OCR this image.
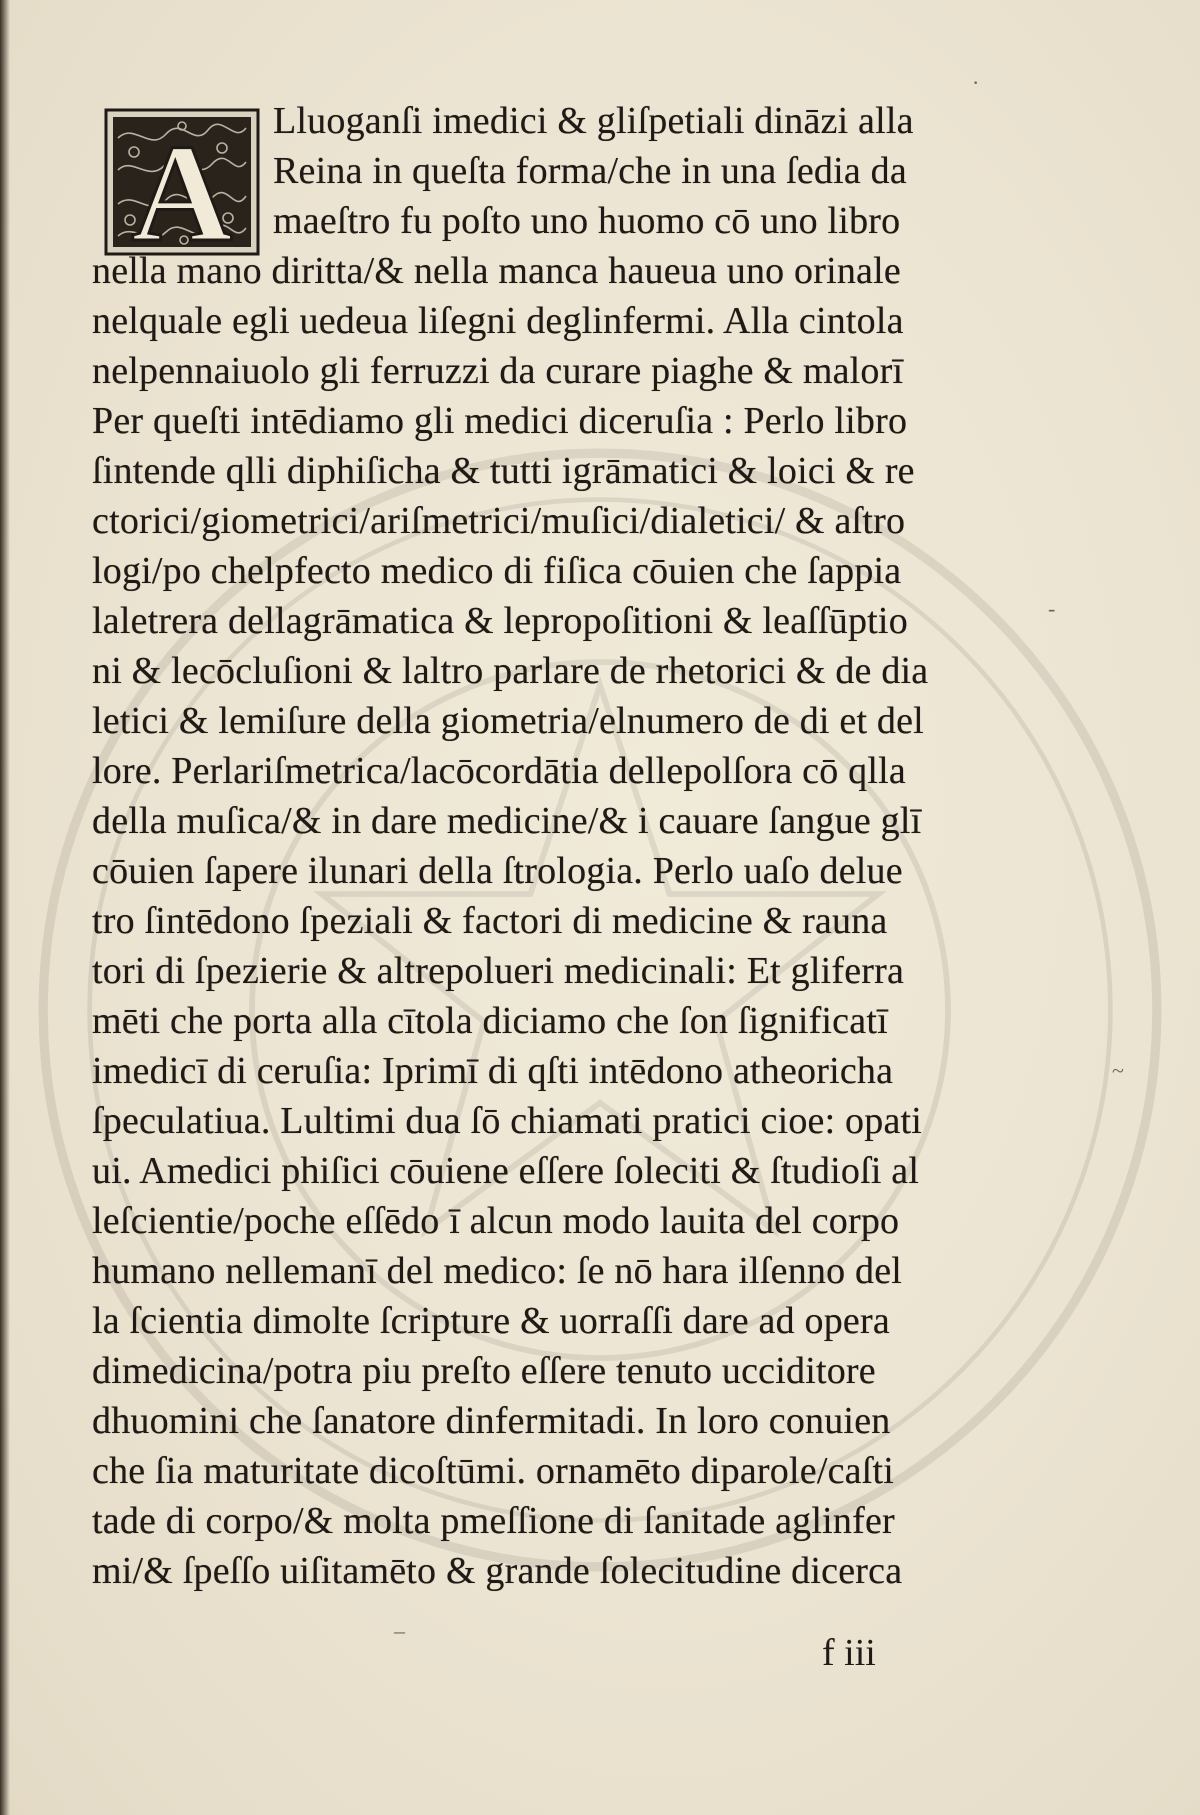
A Lluoganſi imedici & gliſpetiali dināzi alla
Reina in queſta forma/che in una ſedia da
maeſtro fu poſto uno huomo cō uno libro
nella mano diritta/& nella manca haueua uno orinale
nelquale egli uedeua liſegni deglinfermi. Alla cintola
nelpennaiuolo gli ferruzzi da curare piaghe & malorī
Per queſti intēdiamo gli medici diceruſia : Perlo libro
ſintende qlli diphiſicha & tutti igrāmatici & loici & re
ctorici/giometrici/ariſmetrici/muſici/dialetici/ & aſtro
logi/po chelpfecto medico di fiſica cōuien che ſappia
laletrera dellagrāmatica & lepropoſitioni & leaſſūptio
ni & lecōcluſioni & laltro parlare de rhetorici & de dia
letici & lemiſure della giometria/elnumero de di et del
lore. Perlariſmetrica/lacōcordātia dellepolſora cō qlla
della muſica/& in dare medicine/& i cauare ſangue glī
cōuien ſapere ilunari della ſtrologia. Perlo uaſo delue
tro ſintēdono ſpeziali & factori di medicine & rauna
tori di ſpezierie & altrepolueri medicinali: Et gliferra
mēti che porta alla cītola diciamo che ſon ſignificatī
imedicī di ceruſia: Iprimī di qſti intēdono atheoricha
ſpeculatiua. Lultimi dua ſō chiamati pratici cioe: opati
ui. Amedici phiſici cōuiene eſſere ſoleciti & ſtudioſi al
leſcientie/poche eſſēdo ī alcun modo lauita del corpo
humano nellemanī del medico: ſe nō hara ilſenno del
la ſcientia dimolte ſcripture & uorraſſi dare ad opera
dimedicina/potra piu preſto eſſere tenuto ucciditore
dhuomini che ſanatore dinfermitadi. In loro conuien
che ſia maturitate dicoſtūmi. ornamēto diparole/caſti
tade di corpo/& molta pmeſſione di ſanitade aglinfer
mi/& ſpeſſo uiſitamēto & grande ſolecitudine dicerca
f iii
·
-
~
‒
